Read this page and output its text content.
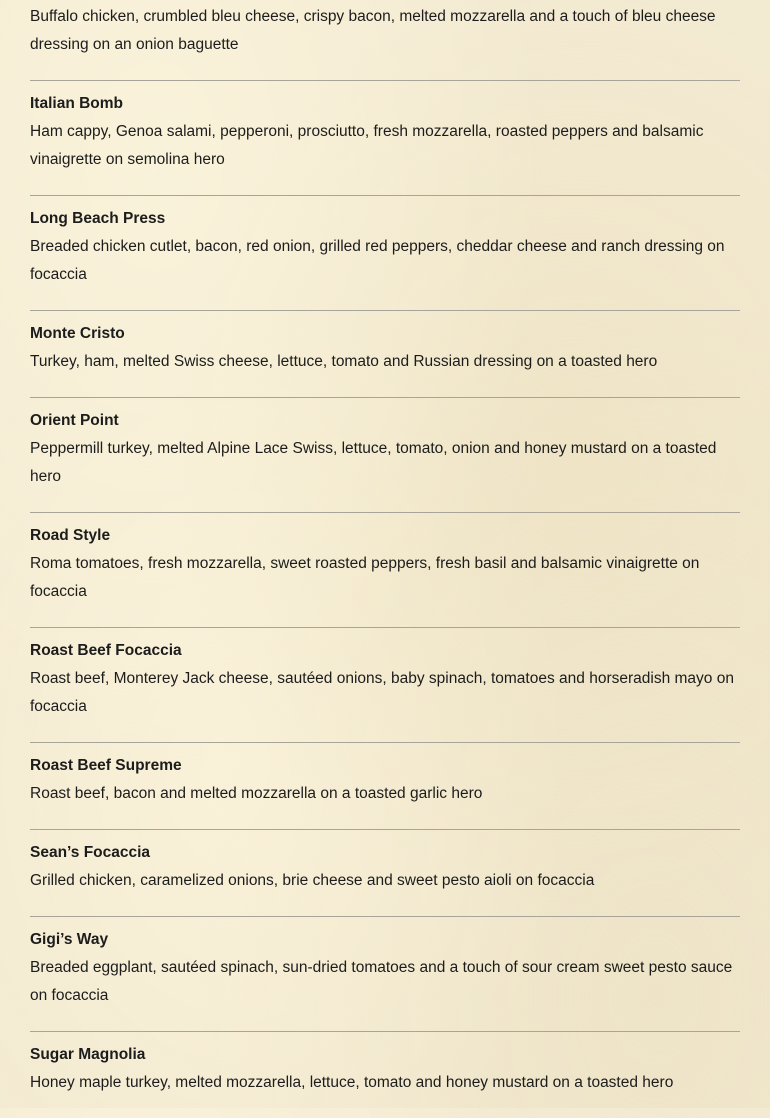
Buffalo chicken, crumbled bleu cheese, crispy bacon, melted mozzarella and a touch of bleu cheese dressing on an onion baguette

Italian Bomb

Ham cappy, Genoa salami, pepperoni, prosciutto, fresh mozzarella, roasted peppers and balsamic vinaigrette on semolina hero

Long Beach Press

Breaded chicken cutlet, bacon, red onion, grilled red peppers, cheddar cheese and ranch dressing on focaccia

Monte Cristo

Turkey, ham, melted Swiss cheese, lettuce, tomato and Russian dressing on a toasted hero

Orient Point

Peppermill turkey, melted Alpine Lace Swiss, lettuce, tomato, onion and honey mustard on a toasted hero

Road Style

Roma tomatoes, fresh mozzarella, sweet roasted peppers, fresh basil and balsamic vinaigrette on focaccia

Roast Beef Focaccia

Roast beef, Monterey Jack cheese, sautéed onions, baby spinach, tomatoes and horseradish mayo on focaccia

Roast Beef Supreme

Roast beef, bacon and melted mozzarella on a toasted garlic hero

Sean’s Focaccia

Grilled chicken, caramelized onions, brie cheese and sweet pesto aioli on focaccia

Gigi’s Way

Breaded eggplant, sautéed spinach, sun-dried tomatoes and a touch of sour cream sweet pesto sauce on focaccia

Sugar Magnolia

Honey maple turkey, melted mozzarella, lettuce, tomato and honey mustard on a toasted hero
